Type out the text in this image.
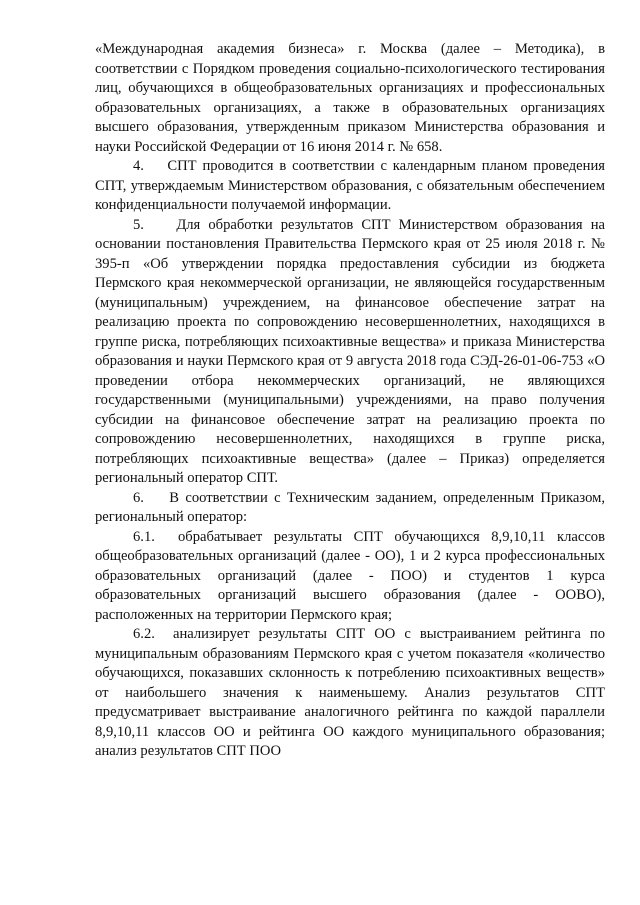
«Международная академия бизнеса» г. Москва (далее – Методика), в соответствии с Порядком проведения социально-психологического тестирования лиц, обучающихся в общеобразовательных организациях и профессиональных образовательных организациях, а также в образовательных организациях высшего образования, утвержденным приказом Министерства образования и науки Российской Федерации от 16 июня 2014 г. № 658.

4.    СПТ проводится в соответствии с календарным планом проведения СПТ, утверждаемым Министерством образования, с обязательным обеспечением конфиденциальности получаемой информации.

5.    Для обработки результатов СПТ Министерством образования на основании постановления Правительства Пермского края от 25 июля 2018 г. № 395-п «Об утверждении порядка предоставления субсидии из бюджета Пермского края некоммерческой организации, не являющейся государственным (муниципальным) учреждением, на финансовое обеспечение затрат на реализацию проекта по сопровождению несовершеннолетних, находящихся в группе риска, потребляющих психоактивные вещества» и приказа Министерства образования и науки Пермского края от 9 августа 2018 года СЭД-26-01-06-753 «О проведении отбора некоммерческих организаций, не являющихся государственными (муниципальными) учреждениями, на право получения субсидии на финансовое обеспечение затрат на реализацию проекта по сопровождению несовершеннолетних, находящихся в группе риска, потребляющих психоактивные вещества» (далее – Приказ) определяется региональный оператор СПТ.

6.    В соответствии с Техническим заданием, определенным Приказом, региональный оператор:

6.1.  обрабатывает результаты СПТ обучающихся 8,9,10,11 классов общеобразовательных организаций (далее - ОО), 1 и 2 курса профессиональных образовательных организаций (далее - ПОО) и студентов 1 курса образовательных организаций высшего образования (далее - ООВО), расположенных на территории Пермского края;

6.2.  анализирует результаты СПТ ОО с выстраиванием рейтинга по муниципальным образованиям Пермского края с учетом показателя «количество обучающихся, показавших склонность к потреблению психоактивных веществ» от наибольшего значения к наименьшему. Анализ результатов СПТ предусматривает выстраивание аналогичного рейтинга по каждой параллели 8,9,10,11 классов ОО и рейтинга ОО каждого муниципального образования; анализ результатов СПТ ПОО
